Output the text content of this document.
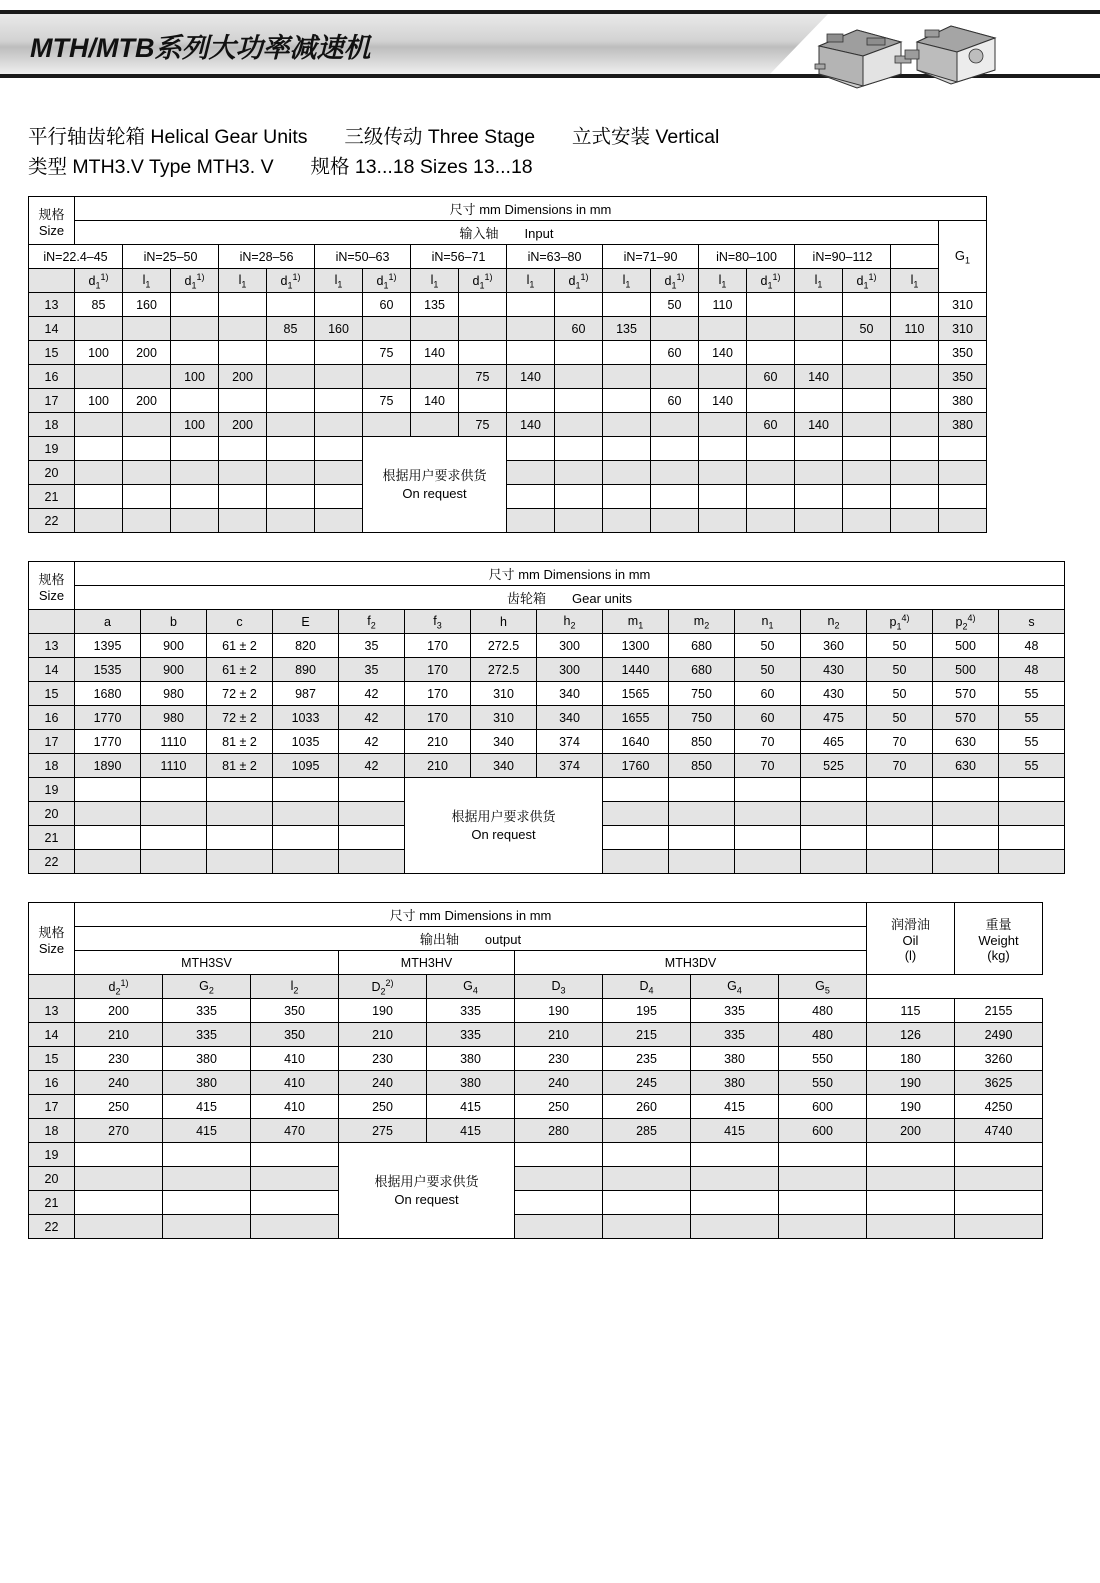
MTH/MTB系列大功率减速机
平行轴齿轮箱 Helical Gear Units 三级传动 Three Stage 立式安装 Vertical
类型 MTH3.V Type MTH3. V 规格 13...18 Sizes 13...18
规格
Size	尺寸 mm Dimensions in mm																		
	输入轴　　Input																		$G_1$
iN=22.4–45		iN=25–50		iN=28–56		iN=50–63		iN=56–71		iN=63–80		iN=71–90		iN=80–100		iN=90–112			
	$d_1^{1)}$	$l_1$	$d_1^{1)}$	$l_1$	$d_1^{1)}$	$l_1$	$d_1^{1)}$	$l_1$	$d_1^{1)}$	$l_1$	$d_1^{1)}$	$l_1$	$d_1^{1)}$	$l_1$	$d_1^{1)}$	$l_1$	$d_1^{1)}$	$l_1$
13	85	160					60	135					50	110					310
14					85	160					60	135					50	110	310
15	100	200					75	140					60	140					350
16			100	200					75	140					60	140			350
17	100	200					75	140					60	140					380
18			100	200					75	140					60	140			380
19							根据用户要求供货
On request												

20																			
21																			
22																			
规格
Size	尺寸 mm Dimensions in mm														
	齿轮箱　　Gear units														
	a	b	c	E	$f_2$	$f_3$	h	$h_2$	$m_1$	$m_2$	$n_1$	$n_2$	$p_1^{4)}$	$p_2^{4)}$	s
13	1395	900	61 ± 2	820	35	170	272.5	300	1300	680	50	360	50	500	48
14	1535	900	61 ± 2	890	35	170	272.5	300	1440	680	50	430	50	500	48
15	1680	980	72 ± 2	987	42	170	310	340	1565	750	60	430	50	570	55
16	1770	980	72 ± 2	1033	42	170	310	340	1655	750	60	475	50	570	55
17	1770	1110	81 ± 2	1035	42	210	340	374	1640	850	70	465	70	630	55
18	1890	1110	81 ± 2	1095	42	210	340	374	1760	850	70	525	70	630	55
19						根据用户要求供货
On request									

20															
21															
22															
规格
Size
	尺寸 mm Dimensions in mm	
润滑油
Oil
(l)

重量
Weight
(kg)

	输出轴　　output										
	MTH3SV			MTH3HV		MTH3DV					
	$d_2^{1)}$	$G_2$	$l_2$	$D_2^{2)}$	$G_4$	$D_3$	$D_4$	$G_4$	$G_5$
13	200	335	350	190	335	190	195	335	480	115	2155
14	210	335	350	210	335	210	215	335	480	126	2490
15	230	380	410	230	380	230	235	380	550	180	3260
16	240	380	410	240	380	240	245	380	550	190	3625
17	250	415	410	250	415	250	260	415	600	190	4250
18	270	415	470	275	415	280	285	415	600	200	4740
19				根据用户要求供货
On request							

20											
21											
22											
